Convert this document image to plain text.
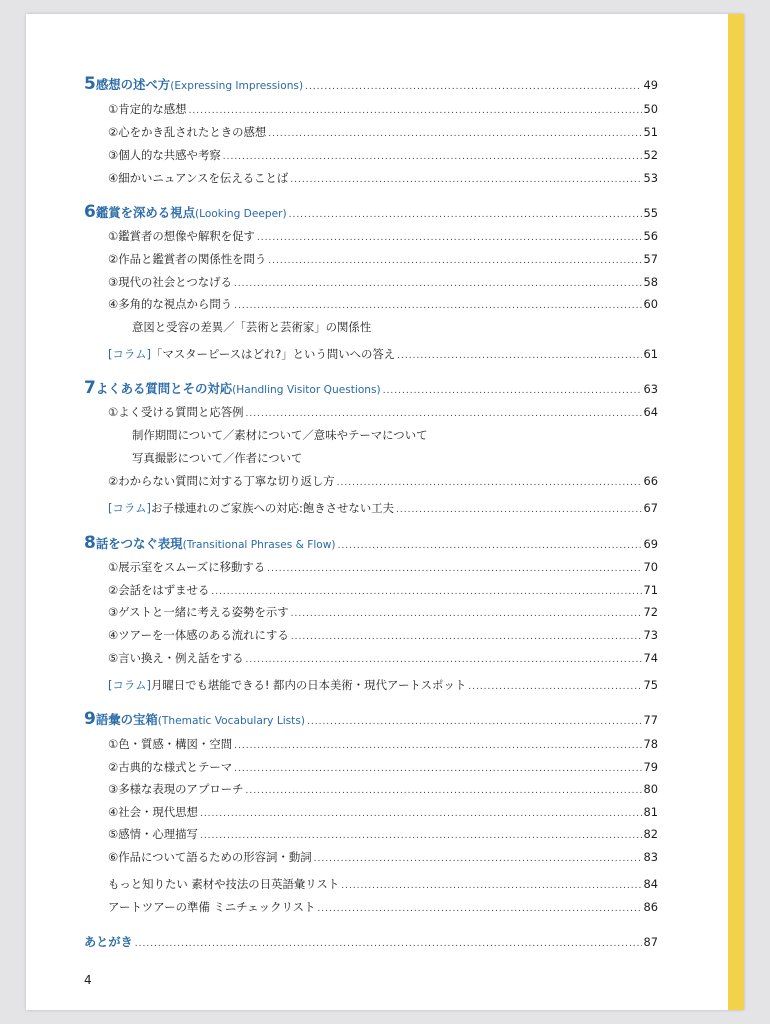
5 感想の述べ方(Expressing Impressions) .....	49
①肯定的な感想 .....	50
②心をかき乱されたときの感想 .....	51
③個人的な共感や考察 .....	52
④細かいニュアンスを伝えることば .....	53
6 鑑賞を深める視点(Looking Deeper) .....	55
①鑑賞者の想像や解釈を促す .....	56
②作品と鑑賞者の関係性を問う .....	57
③現代の社会とつなげる .....	58
④多角的な視点から問う .....	60
意図と受容の差異／「芸術と芸術家」の関係性
[コラム]「マスターピースはどれ?」という問いへの答え .....	61
7 よくある質問とその対応(Handling Visitor Questions) .....	63
①よく受ける質問と応答例 .....	64
制作期間について／素材について／意味やテーマについて
写真撮影について／作者について
②わからない質問に対する丁寧な切り返し方 .....	66
[コラム]お子様連れのご家族への対応:飽きさせない工夫 .....	67
8 話をつなぐ表現(Transitional Phrases & Flow) .....	69
①展示室をスムーズに移動する .....	70
②会話をはずませる .....	71
③ゲストと一緒に考える姿勢を示す .....	72
④ツアーを一体感のある流れにする .....	73
⑤言い換え・例え話をする .....	74
[コラム]月曜日でも堪能できる! 都内の日本美術・現代アートスポット .....	75
9 語彙の宝箱(Thematic Vocabulary Lists) .....	77
①色・質感・構図・空間 .....	78
②古典的な様式とテーマ .....	79
③多様な表現のアプローチ .....	80
④社会・現代思想 .....	81
⑤感情・心理描写 .....	82
⑥作品について語るための形容詞・動詞 .....	83
もっと知りたい 素材や技法の日英語彙リスト .....	84
アートツアーの準備 ミニチェックリスト .....	86
あとがき .....	87
4
